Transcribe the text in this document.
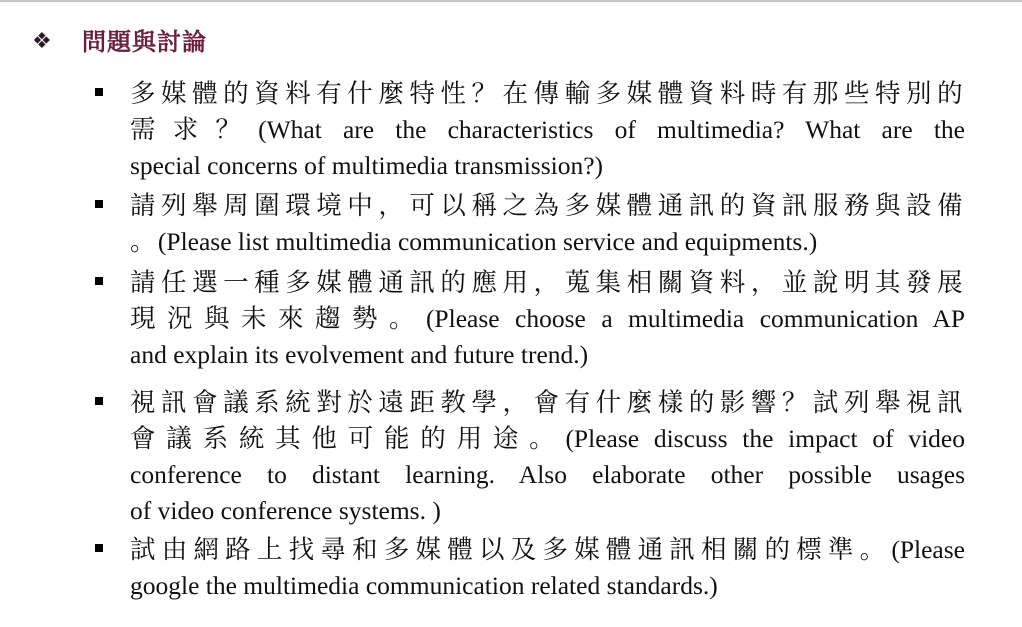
❖	問題與討論
多媒體的資料有什麼特性？在傳輸多媒體資料時有那些特別的
需求？(What are the characteristics of multimedia? What are the
special concerns of multimedia transmission?)
請列舉周圍環境中，可以稱之為多媒體通訊的資訊服務與設備
。(Please list multimedia communication service and equipments.)
請任選一種多媒體通訊的應用，蒐集相關資料，並說明其發展
現況與未來趨勢。(Please choose a multimedia communication AP
and explain its evolvement and future trend.)
視訊會議系統對於遠距教學，會有什麼樣的影響？試列舉視訊
會議系統其他可能的用途。(Please discuss the impact of video
conference to distant learning. Also elaborate other possible usages
of video conference systems. )
試由網路上找尋和多媒體以及多媒體通訊相關的標準。(Please
google the multimedia communication related standards.)
